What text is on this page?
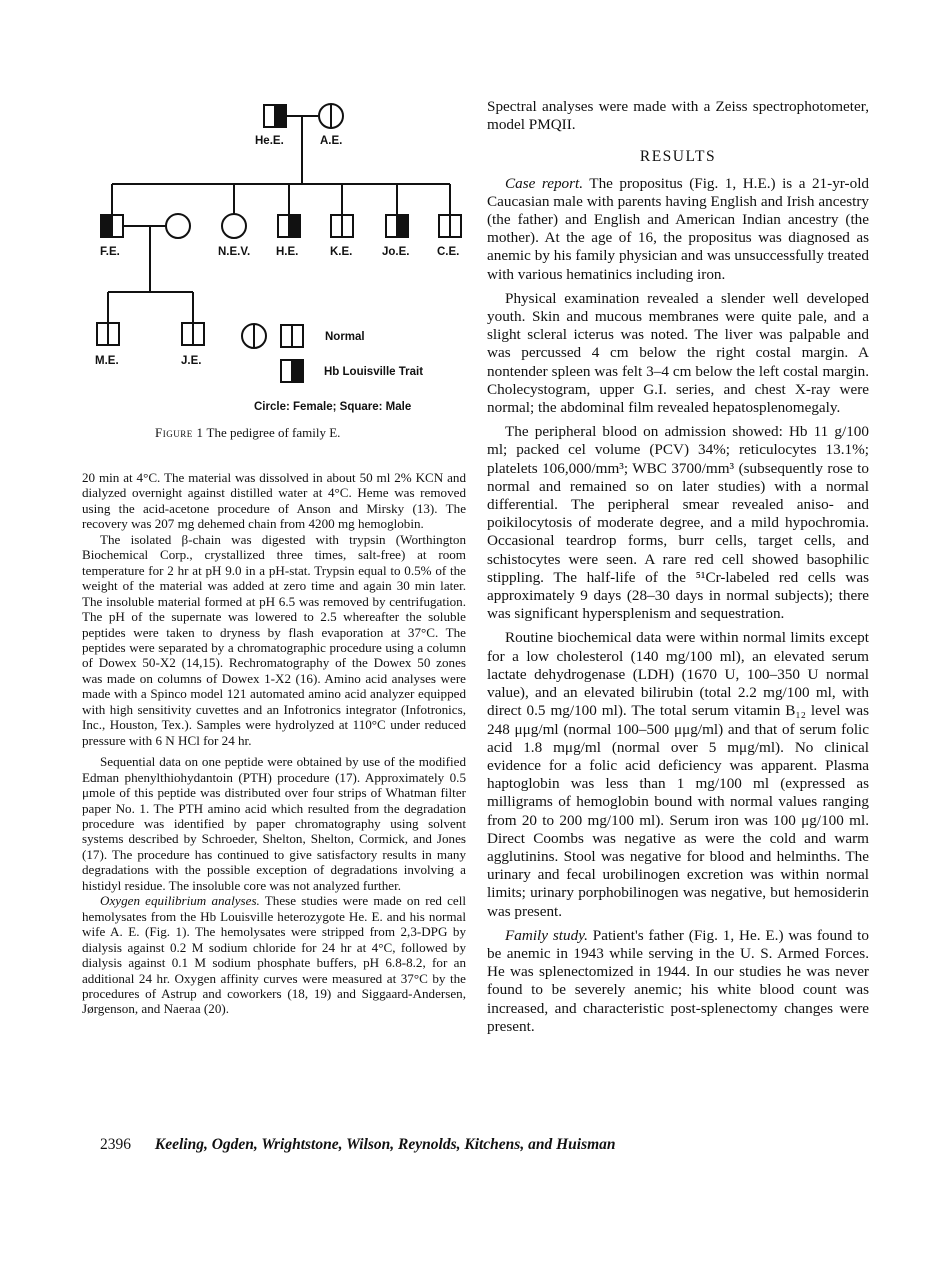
He.E.	A.E.
F.E.	N.E.V. H.E.	K.E.	Jo.E. C.E.
M.E.	J.E.
Normal
Hb Louisville Trait
Circle: Female; Square: Male
Figure 1 The pedigree of family E.

20 min at 4°C. The material was dissolved in about 50 ml 2% KCN and dialyzed overnight against distilled water at 4°C. Heme was removed using the acid-acetone procedure of Anson and Mirsky (13). The recovery was 207 mg dehemed chain from 4200 mg hemoglobin.

The isolated β-chain was digested with trypsin (Worthington Biochemical Corp., crystallized three times, salt-free) at room temperature for 2 hr at pH 9.0 in a pH-stat. Trypsin equal to 0.5% of the weight of the material was added at zero time and again 30 min later. The insoluble material formed at pH 6.5 was removed by centrifugation. The pH of the supernate was lowered to 2.5 whereafter the soluble peptides were taken to dryness by flash evaporation at 37°C. The peptides were separated by a chromatographic procedure using a column of Dowex 50-X2 (14,15). Rechromatography of the Dowex 50 zones was made on columns of Dowex 1-X2 (16). Amino acid analyses were made with a Spinco model 121 automated amino acid analyzer equipped with high sensitivity cuvettes and an Infotronics integrator (Infotronics, Inc., Houston, Tex.). Samples were hydrolyzed at 110°C under reduced pressure with 6 N HCl for 24 hr.

Sequential data on one peptide were obtained by use of the modified Edman phenylthiohydantoin (PTH) procedure (17). Approximately 0.5 μmole of this peptide was distributed over four strips of Whatman filter paper No. 1. The PTH amino acid which resulted from the degradation procedure was identified by paper chromatography using solvent systems described by Schroeder, Shelton, Shelton, Cormick, and Jones (17). The procedure has continued to give satisfactory results in many degradations with the possible exception of degradations involving a histidyl residue. The insoluble core was not analyzed further.

Oxygen equilibrium analyses. These studies were made on red cell hemolysates from the Hb Louisville heterozygote He. E. and his normal wife A. E. (Fig. 1). The hemolysates were stripped from 2,3-DPG by dialysis against 0.2 M sodium chloride for 24 hr at 4°C, followed by dialysis against 0.1 M sodium phosphate buffers, pH 6.8-8.2, for an additional 24 hr. Oxygen affinity curves were measured at 37°C by the procedures of Astrup and coworkers (18, 19) and Siggaard-Andersen, Jørgenson, and Naeraa (20).

Spectral analyses were made with a Zeiss spectrophotometer, model PMQII.

RESULTS

Case report. The propositus (Fig. 1, H.E.) is a 21-yr-old Caucasian male with parents having English and Irish ancestry (the father) and English and American Indian ancestry (the mother). At the age of 16, the propositus was diagnosed as anemic by his family physician and was unsuccessfully treated with various hematinics including iron.

Physical examination revealed a slender well developed youth. Skin and mucous membranes were quite pale, and a slight scleral icterus was noted. The liver was palpable and was percussed 4 cm below the right costal margin. A nontender spleen was felt 3–4 cm below the left costal margin. Cholecystogram, upper G.I. series, and chest X-ray were normal; the abdominal film revealed hepatosplenomegaly.

The peripheral blood on admission showed: Hb 11 g/100 ml; packed cel volume (PCV) 34%; reticulocytes 13.1%; platelets 106,000/mm³; WBC 3700/mm³ (subsequently rose to normal and remained so on later studies) with a normal differential. The peripheral smear revealed aniso- and poikilocytosis of moderate degree, and a mild hypochromia. Occasional teardrop forms, burr cells, target cells, and schistocytes were seen. A rare red cell showed basophilic stippling. The half-life of the ⁵¹Cr-labeled red cells was approximately 9 days (28–30 days in normal subjects); there was significant hypersplenism and sequestration.

Routine biochemical data were within normal limits except for a low cholesterol (140 mg/100 ml), an elevated serum lactate dehydrogenase (LDH) (1670 U, 100–350 U normal value), and an elevated bilirubin (total 2.2 mg/100 ml, with direct 0.5 mg/100 ml). The total serum vitamin B₁₂ level was 248 μμg/ml (normal 100–500 μμg/ml) and that of serum folic acid 1.8 mμg/ml (normal over 5 mμg/ml). No clinical evidence for a folic acid deficiency was apparent. Plasma haptoglobin was less than 1 mg/100 ml (expressed as milligrams of hemoglobin bound with normal values ranging from 20 to 200 mg/100 ml). Serum iron was 100 μg/100 ml. Direct Coombs was negative as were the cold and warm agglutinins. Stool was negative for blood and helminths. The urinary and fecal urobilinogen excretion was within normal limits; urinary porphobilinogen was negative, but hemosiderin was present.

Family study. Patient's father (Fig. 1, He. E.) was found to be anemic in 1943 while serving in the U. S. Armed Forces. He was splenectomized in 1944. In our studies he was never found to be severely anemic; his white blood count was increased, and characteristic post-splenectomy changes were present.

2396 Keeling, Ogden, Wrightstone, Wilson, Reynolds, Kitchens, and Huisman
